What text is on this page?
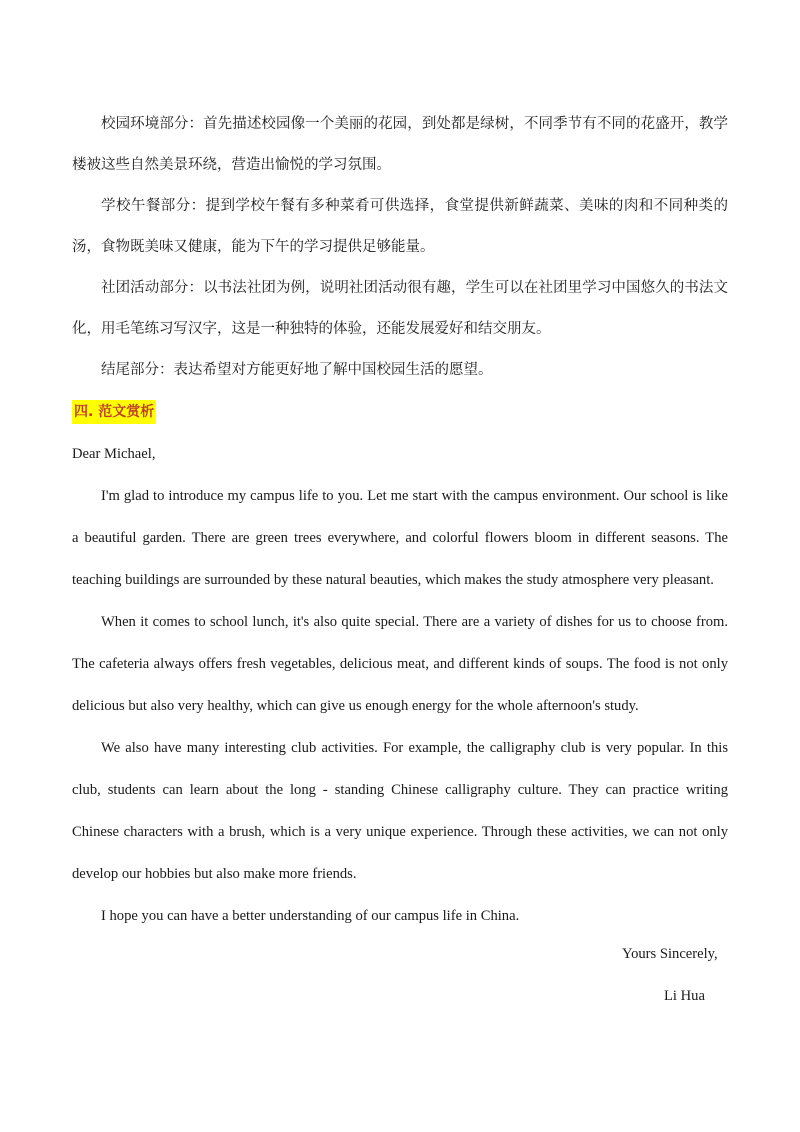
校园环境部分：首先描述校园像一个美丽的花园，到处都是绿树，不同季节有不同的花盛开，教学楼被这些自然美景环绕，营造出愉悦的学习氛围。

学校午餐部分：提到学校午餐有多种菜肴可供选择，食堂提供新鲜蔬菜、美味的肉和不同种类的汤，食物既美味又健康，能为下午的学习提供足够能量。

社团活动部分：以书法社团为例，说明社团活动很有趣，学生可以在社团里学习中国悠久的书法文化，用毛笔练习写汉字，这是一种独特的体验，还能发展爱好和结交朋友。

结尾部分：表达希望对方能更好地了解中国校园生活的愿望。

四. 范文赏析

Dear Michael,

I'm glad to introduce my campus life to you. Let me start with the campus environment. Our school is like a beautiful garden. There are green trees everywhere, and colorful flowers bloom in different seasons. The teaching buildings are surrounded by these natural beauties, which makes the study atmosphere very pleasant.

When it comes to school lunch, it's also quite special. There are a variety of dishes for us to choose from. The cafeteria always offers fresh vegetables, delicious meat, and different kinds of soups. The food is not only delicious but also very healthy, which can give us enough energy for the whole afternoon's study.

We also have many interesting club activities. For example, the calligraphy club is very popular. In this club, students can learn about the long - standing Chinese calligraphy culture. They can practice writing Chinese characters with a brush, which is a very unique experience. Through these activities, we can not only develop our hobbies but also make more friends.

I hope you can have a better understanding of our campus life in China.

Yours Sincerely,

Li Hua
